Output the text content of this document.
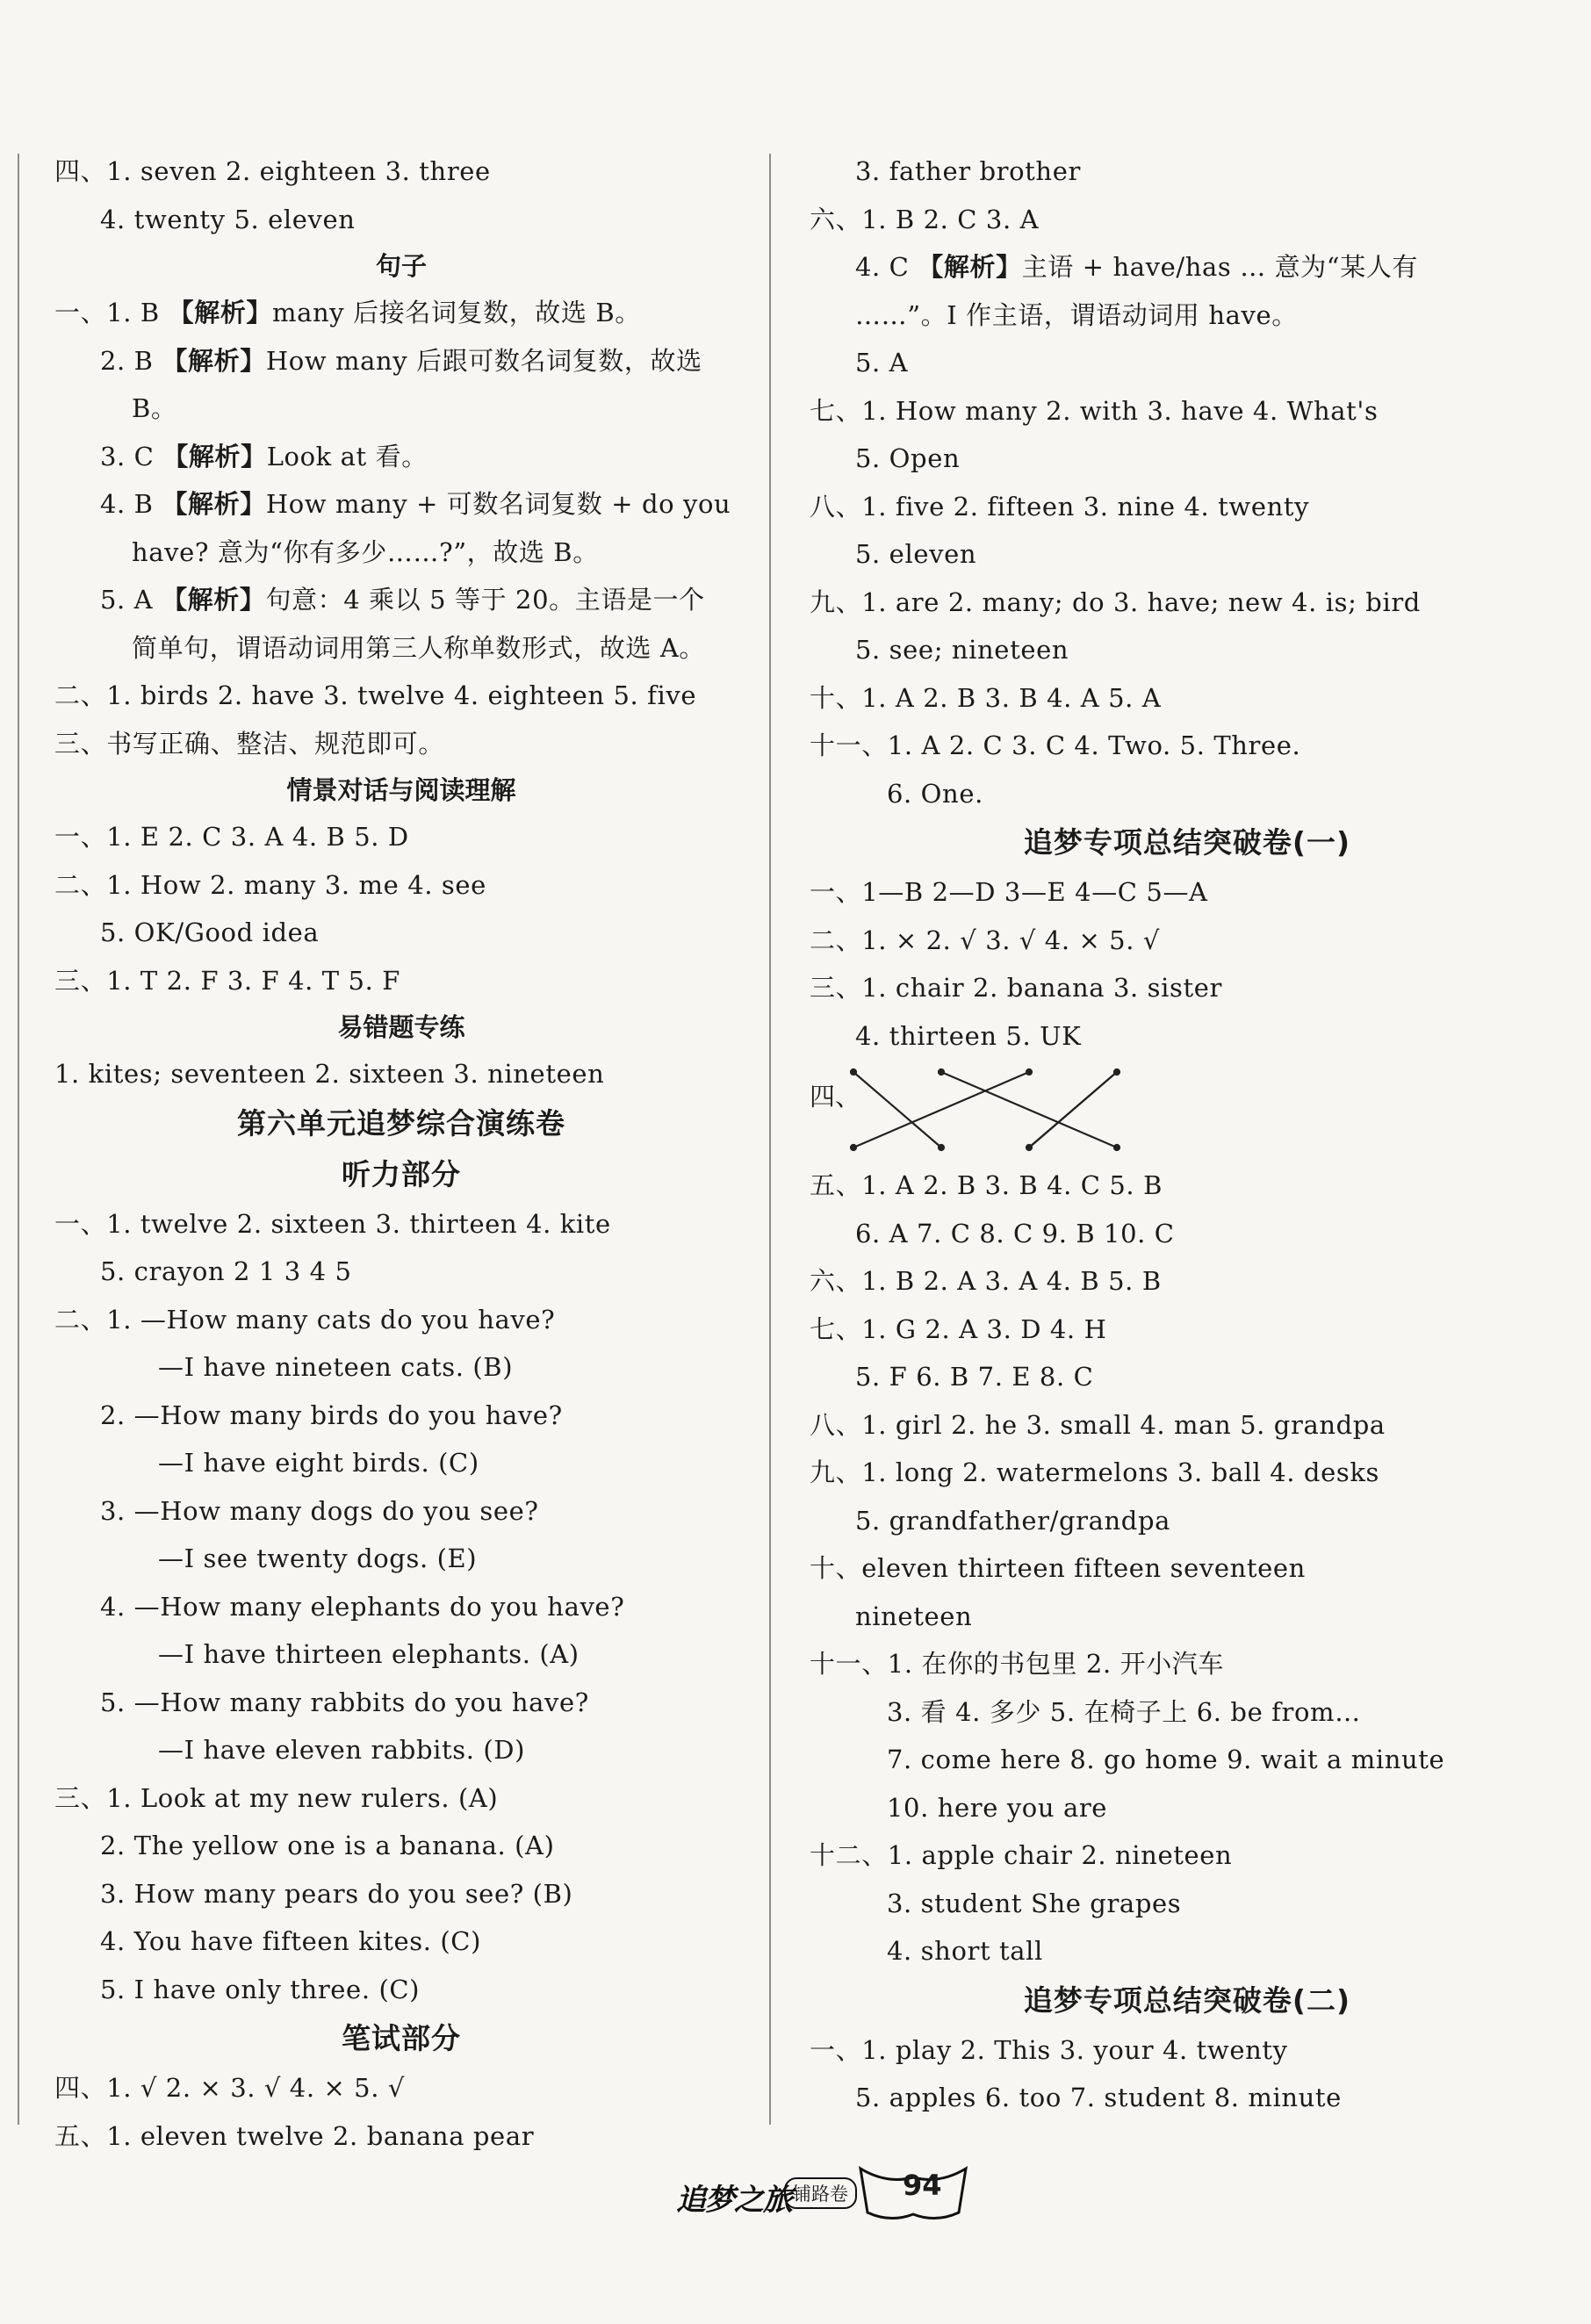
四、1. seven 2. eighteen 3. three
4. twenty 5. eleven
句子
一、1. B 【解析】many 后接名词复数，故选 B。
2. B 【解析】How many 后跟可数名词复数，故选
B。
3. C 【解析】Look at 看。
4. B 【解析】How many + 可数名词复数 + do you
have? 意为“你有多少……?”，故选 B。
5. A 【解析】句意：4 乘以 5 等于 20。主语是一个
简单句，谓语动词用第三人称单数形式，故选 A。
二、1. birds 2. have 3. twelve 4. eighteen 5. five
三、书写正确、整洁、规范即可。
情景对话与阅读理解
一、1. E 2. C 3. A 4. B 5. D
二、1. How 2. many 3. me 4. see
5. OK/Good idea
三、1. T 2. F 3. F 4. T 5. F
易错题专练
1. kites; seventeen 2. sixteen 3. nineteen
第六单元追梦综合演练卷
听力部分
一、1. twelve 2. sixteen 3. thirteen 4. kite
5. crayon 2 1 3 4 5
二、1. —How many cats do you have?
—I have nineteen cats. (B)
2. —How many birds do you have?
—I have eight birds. (C)
3. —How many dogs do you see?
—I see twenty dogs. (E)
4. —How many elephants do you have?
—I have thirteen elephants. (A)
5. —How many rabbits do you have?
—I have eleven rabbits. (D)
三、1. Look at my new rulers. (A)
2. The yellow one is a banana. (A)
3. How many pears do you see? (B)
4. You have fifteen kites. (C)
5. I have only three. (C)
笔试部分
四、1. √ 2. × 3. √ 4. × 5. √
五、1. eleven twelve 2. banana pear
3. father brother
六、1. B 2. C 3. A
4. C 【解析】主语 + have/has … 意为“某人有
……”。I 作主语，谓语动词用 have。
5. A
七、1. How many 2. with 3. have 4. What's
5. Open
八、1. five 2. fifteen 3. nine 4. twenty
5. eleven
九、1. are 2. many; do 3. have; new 4. is; bird
5. see; nineteen
十、1. A 2. B 3. B 4. A 5. A
十一、1. A 2. C 3. C 4. Two. 5. Three.
6. One.
追梦专项总结突破卷(一)
一、1—B 2—D 3—E 4—C 5—A
二、1. × 2. √ 3. √ 4. × 5. √
三、1. chair 2. banana 3. sister
4. thirteen 5. UK
四、
五、1. A 2. B 3. B 4. C 5. B
6. A 7. C 8. C 9. B 10. C
六、1. B 2. A 3. A 4. B 5. B
七、1. G 2. A 3. D 4. H
5. F 6. B 7. E 8. C
八、1. girl 2. he 3. small 4. man 5. grandpa
九、1. long 2. watermelons 3. ball 4. desks
5. grandfather/grandpa
十、eleven thirteen fifteen seventeen
nineteen
十一、1. 在你的书包里 2. 开小汽车
3. 看 4. 多少 5. 在椅子上 6. be from…
7. come here 8. go home 9. wait a minute
10. here you are
十二、1. apple chair 2. nineteen
3. student She grapes
4. short tall
追梦专项总结突破卷(二)
一、1. play 2. This 3. your 4. twenty
5. apples 6. too 7. student 8. minute
追梦之旅 铺路卷	94
